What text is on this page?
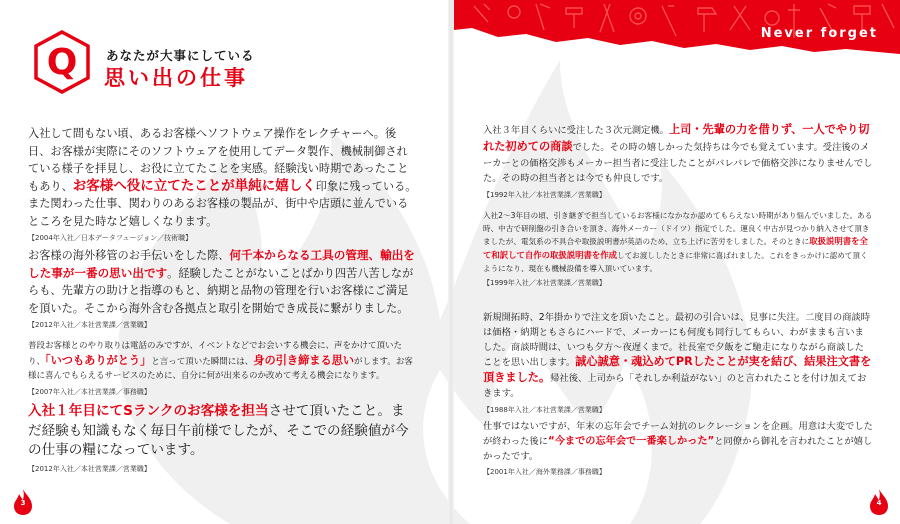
Never forget
Q あなたが大事にしている
思い出の仕事

入社して間もない頃、あるお客様へソフトウェア操作をレクチャーへ。後日、お客様が実際にそのソフトウェアを使用してデータ製作、機械制御されている様子を拝見し、お役に立てたことを実感。経験浅い時期であったこともあり、お客様へ役に立てたことが単純に嬉しく印象に残っている。また関わった仕事、関わりのあるお客様の製品が、街中や店頭に並んでいるところを見た時など嬉しくなります。

【2004年入社／日本データフュージョン／技術職】

お客様の海外移管のお手伝いをした際、何千本からなる工具の管理、輸出をした事が一番の思い出です。経験したことがないことばかり四苦八苦しながらも、先輩方の助けと指導のもと、納期と品物の管理を行いお客様にご満足を頂いた。そこから海外含む各拠点と取引を開始でき成長に繋がりました。

【2012年入社／本社営業課／営業職】

普段お客様とのやり取りは電話のみですが、イベントなどでお会いする機会に、声をかけて頂いたり、「いつもありがとう」と言って頂いた瞬間には、身の引き締まる思いがします。お客様に喜んでもらえるサービスのために、自分に何が出来るのか改めて考える機会になります。

【2007年入社／本社営業課／事務職】

入社１年目にてSランクのお客様を担当させて頂いたこと。まだ経験も知識もなく毎日午前様でしたが、そこでの経験値が今の仕事の糧になっています。

【2012年入社／本社営業課／営業職】

入社３年目くらいに受注した３次元測定機。上司・先輩の力を借りず、一人でやり切れた初めての商談でした。その時の嬉しかった気持ちは今でも覚えています。受注後のメーカーとの価格交渉もメーカー担当者に受注したことがバレバレで価格交渉になりませんでした。その時の担当者とは今でも仲良しです。

【1992年入社／本社営業課／営業職】

入社2～3年目の頃、引き継ぎで担当しているお客様になかなか認めてもらえない時期があり悩んでいました。ある時、中古で研削盤の引き合いを頂き、海外メーカー（ドイツ）指定でした。運良く中古が見つかり納入させて頂きましたが、電気系の不具合や取扱説明書が英語のため、立ち上げに苦労をしました。そのときに取扱説明書を全て和訳して自作の取扱説明書を作成してお渡ししたときに非常に喜ばれました。これをきっかけに認めて頂くようになり、現在も機械設備を導入頂いています。

【1999年入社／本社営業課／営業職】

新規開拓時、2年掛かりで注文を頂いたこと。最初の引合いは、見事に失注。二度目の商談時は価格・納期ともさらにハードで、メーカーにも何度も同行してもらい、わがままも言いました。商談時間は、いつも夕方～夜遅くまで。社長室で夕飯をご馳走になりながら商談したことを思い出します。誠心誠意・魂込めてPRしたことが実を結び、結果注文書を頂きました。帰社後、上司から「それしか利益がない」のと言われたことを付け加えておきます。

【1988年入社／本社営業課／営業職】

仕事ではないですが、年末の忘年会でチーム対抗のレクレーションを企画。用意は大変でしたが終わった後に“今までの忘年会で一番楽しかった”と同僚から御礼を言われたことが嬉しかったです。

【2001年入社／海外業務課／事務職】
3	4
